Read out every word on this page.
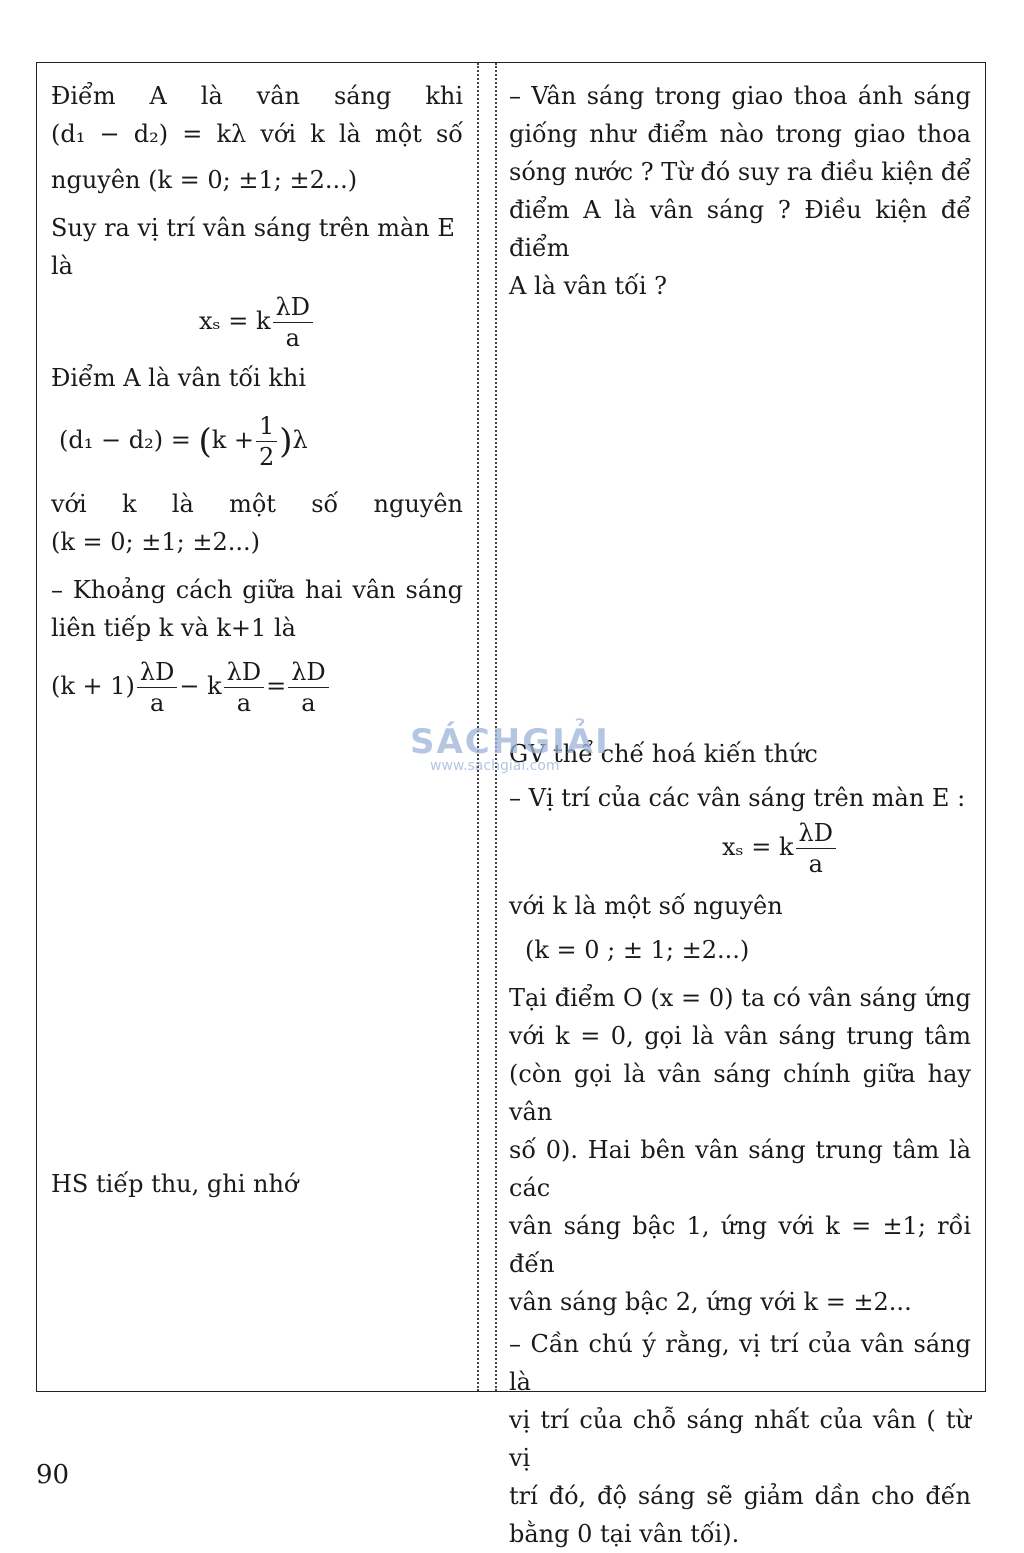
Điểm A là vân sáng khi

(d₁ − d₂) = kλ với k là một số

nguyên (k = 0; ±1; ±2...)

Suy ra vị trí vân sáng trên màn E là

xₛ = k $\frac{\lambda D}{a}$

Điểm A là vân tối khi

$(d_1 - d_2) = (k + \frac{1}{2} )\lambda$

với k là một số nguyên

(k = 0; ±1; ±2...)

– Khoảng cách giữa hai vân sáng

liên tiếp k và k+1 là

$(k + 1) \frac{\lambda D}{a} - k \frac{\lambda D}{a} = \frac{\lambda D}{a}$

HS tiếp thu, ghi nhớ

– Vân sáng trong giao thoa ánh sáng

giống như điểm nào trong giao thoa

sóng nước ? Từ đó suy ra điều kiện để

điểm A là vân sáng ? Điều kiện để điểm

A là vân tối ?

GV thể chế hoá kiến thức

– Vị trí của các vân sáng trên màn E :

xₛ = k $\frac{\lambda D}{a}$

với k là một số nguyên

(k = 0 ; ± 1; ±2...)

Tại điểm O (x = 0) ta có vân sáng ứng

với k = 0, gọi là vân sáng trung tâm

(còn gọi là vân sáng chính giữa hay vân

số 0). Hai bên vân sáng trung tâm là các

vân sáng bậc 1, ứng với k = ±1; rồi đến

vân sáng bậc 2, ứng với k = ±2...

– Cần chú ý rằng, vị trí của vân sáng là

vị trí của chỗ sáng nhất của vân ( từ vị

trí đó, độ sáng sẽ giảm dần cho đến

bằng 0 tại vân tối).

SÁCHGIẢI
www.sachgiai.com
90
